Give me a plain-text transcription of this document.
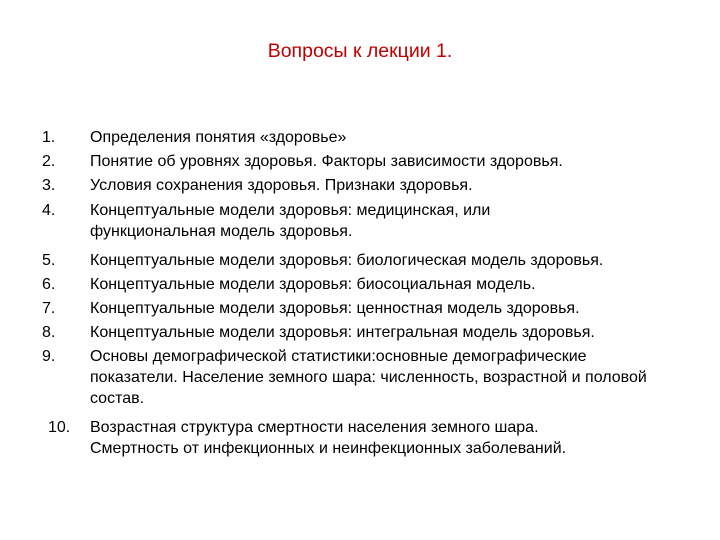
Вопросы к лекции 1.
1.	Определения понятия «здоровье»
2.	Понятие об уровнях здоровья. Факторы зависимости здоровья.
3.	Условия сохранения здоровья. Признаки здоровья.
4.	Концептуальные модели здоровья: медицинская, или функциональная модель здоровья.
5.	Концептуальные модели здоровья: биологическая модель здоровья.
6.	Концептуальные модели здоровья: биосоциальная модель.
7.	Концептуальные модели здоровья: ценностная модель здоровья.
8.	Концептуальные модели здоровья: интегральная модель здоровья.
9.	Основы демографической статистики:основные демографические показатели. Население земного шара: численность, возрастной и половой состав.
10.	Возрастная структура смертности населения земного шара. Смертность от инфекционных и неинфекционных заболеваний.
